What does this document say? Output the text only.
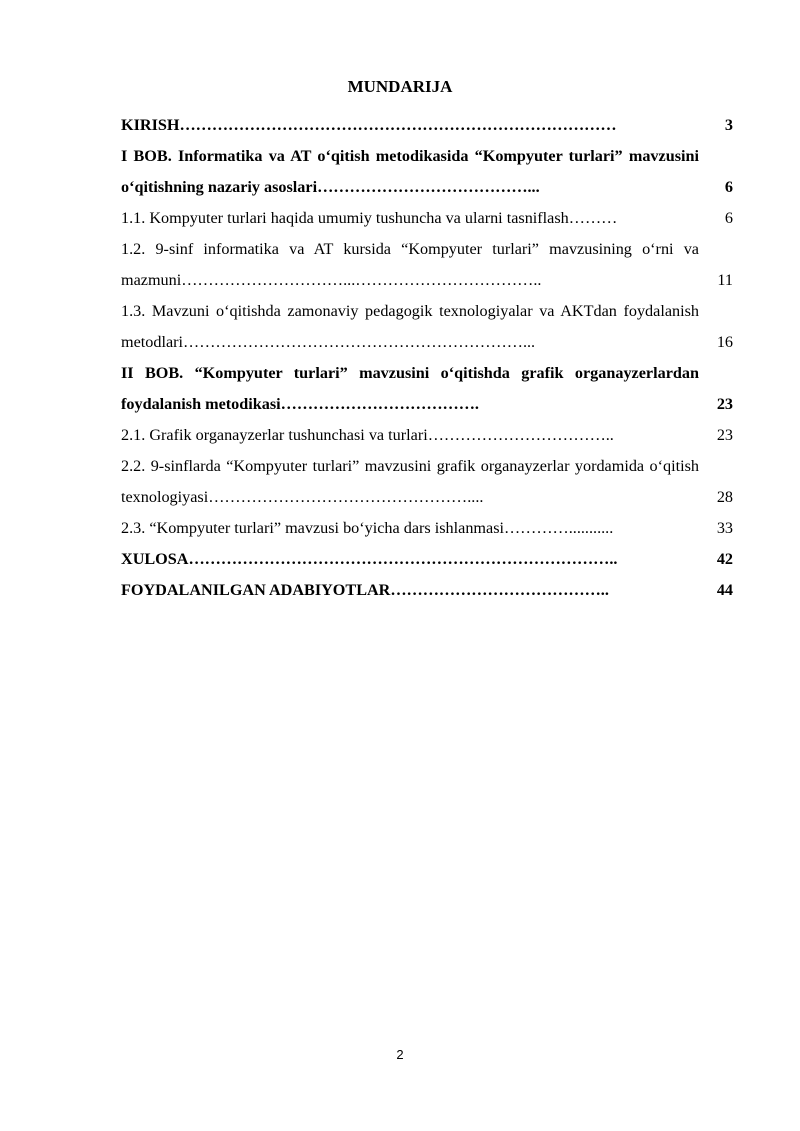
MUNDARIJA
KIRISH………………………………………………………………………	3
I BOB. Informatika va AT o‘qitish metodikasida “Kompyuter turlari” mavzusini o‘qitishning nazariy asoslari…………………………………...	6
1.1. Kompyuter turlari haqida umumiy tushuncha va ularni tasniflash………	6
1.2. 9-sinf informatika va AT kursida “Kompyuter turlari” mavzusining o‘rni va mazmuni…………………………...……………………………..	11
1.3. Mavzuni o‘qitishda zamonaviy pedagogik texnologiyalar va AKTdan foydalanish metodlari………………………………………………………...	16
II BOB. “Kompyuter turlari” mavzusini o‘qitishda grafik organayzerlardan foydalanish metodikasi……………………………….	23
2.1. Grafik organayzerlar tushunchasi va turlari……………………………..	23
2.2. 9-sinflarda “Kompyuter turlari” mavzusini grafik organayzerlar yordamida o‘qitish texnologiyasi…………………………………………....	28
2.3. “Kompyuter turlari” mavzusi bo‘yicha dars ishlanmasi…………...........	33
XULOSA……………………………………………………………………..	42
FOYDALANILGAN ADABIYOTLAR…………………………………..	44
2
